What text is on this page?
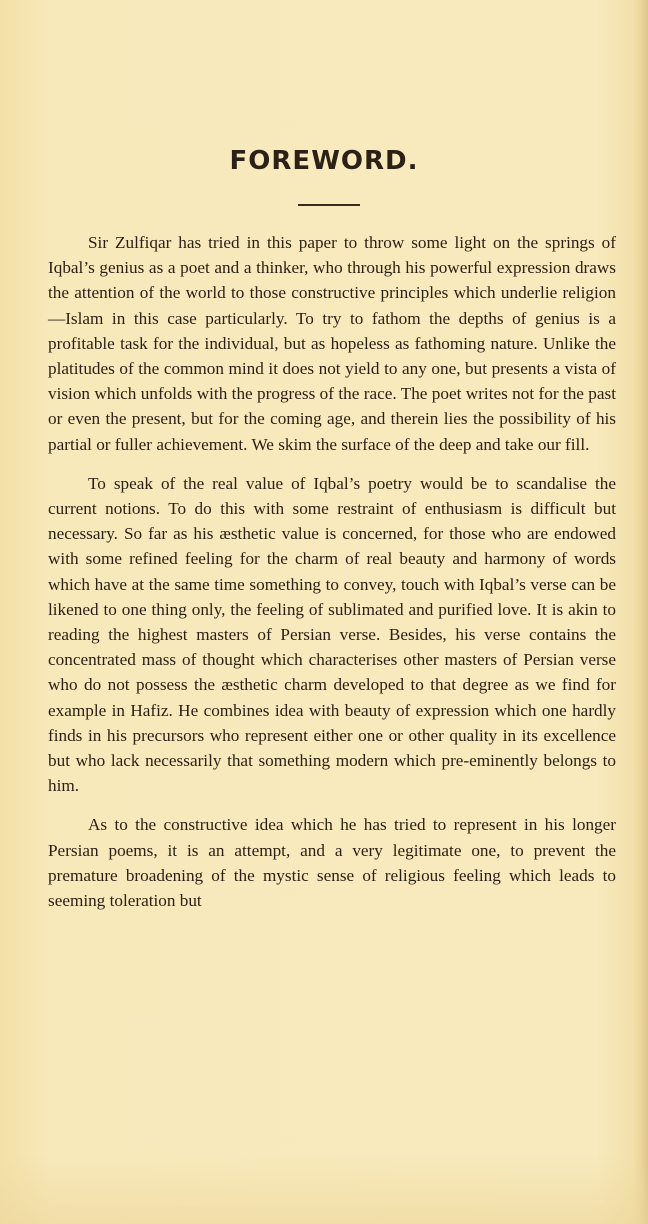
FOREWORD.

Sir Zulfiqar has tried in this paper to throw some light on the springs of Iqbal’s genius as a poet and a thinker, who through his powerful expression draws the attention of the world to those constructive principles which underlie religion—Islam in this case particularly. To try to fathom the depths of genius is a profitable task for the individual, but as hopeless as fathoming nature. Unlike the platitudes of the common mind it does not yield to any one, but presents a vista of vision which unfolds with the progress of the race. The poet writes not for the past or even the present, but for the coming age, and therein lies the possibility of his partial or fuller achievement. We skim the surface of the deep and take our fill.

To speak of the real value of Iqbal’s poetry would be to scandalise the current notions. To do this with some restraint of enthusiasm is difficult but necessary. So far as his æsthetic value is concerned, for those who are endowed with some refined feeling for the charm of real beauty and harmony of words which have at the same time something to convey, touch with Iqbal’s verse can be likened to one thing only, the feeling of sublimated and purified love. It is akin to reading the highest masters of Persian verse. Besides, his verse contains the concentrated mass of thought which characterises other masters of Persian verse who do not possess the æsthetic charm developed to that degree as we find for example in Hafiz. He combines idea with beauty of expression which one hardly finds in his precursors who represent either one or other quality in its excellence but who lack necessarily that something modern which pre-eminently belongs to him.

As to the constructive idea which he has tried to represent in his longer Persian poems, it is an attempt, and a very legitimate one, to prevent the premature broadening of the mystic sense of religious feeling which leads to seeming toleration but
